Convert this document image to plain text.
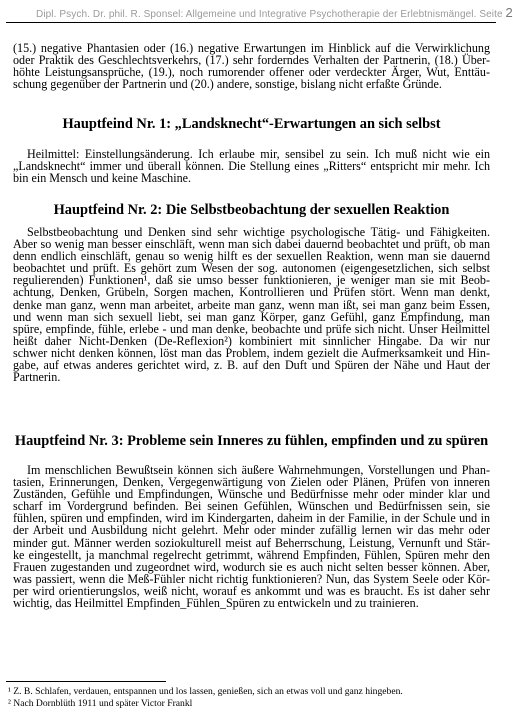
Dipl. Psych. Dr. phil. R. Sponsel: Allgemeine und Integrative Psychotherapie der Erlebtnismängel. Seite 2
(15.) negative Phantasien oder (16.) negative Erwartungen im Hinblick auf die Verwirklichung
oder Praktik des Geschlechtsverkehrs, (17.) sehr forderndes Verhalten der Partnerin, (18.) Über-
höhte Leistungsansprüche, (19.), noch rumorender offener oder verdeckter Ärger, Wut, Enttäu-
schung gegenüber der Partnerin und (20.) andere, sonstige, bislang nicht erfaßte Gründe.
Hauptfeind Nr. 1: „Landsknecht“-Erwartungen an sich selbst
Heilmittel: Einstellungsänderung. Ich erlaube mir, sensibel zu sein. Ich muß nicht wie ein
„Landsknecht“ immer und überall können. Die Stellung eines „Ritters“ entspricht mir mehr. Ich
bin ein Mensch und keine Maschine.
Hauptfeind Nr. 2: Die Selbstbeobachtung der sexuellen Reaktion
Selbstbeobachtung und Denken sind sehr wichtige psychologische Tätig- und Fähigkeiten.
Aber so wenig man besser einschläft, wenn man sich dabei dauernd beobachtet und prüft, ob man
denn endlich einschläft, genau so wenig hilft es der sexuellen Reaktion, wenn man sie dauernd
beobachtet und prüft. Es gehört zum Wesen der sog. autonomen (eigengesetzlichen, sich selbst
regulierenden) Funktionen¹, daß sie umso besser funktionieren, je weniger man sie mit Beob-
achtung, Denken, Grübeln, Sorgen machen, Kontrollieren und Prüfen stört. Wenn man denkt,
denke man ganz, wenn man arbeitet, arbeite man ganz, wenn man ißt, sei man ganz beim Essen,
und wenn man sich sexuell liebt, sei man ganz Körper, ganz Gefühl, ganz Empfindung, man
spüre, empfinde, fühle, erlebe - und man denke, beobachte und prüfe sich nicht. Unser Heilmittel
heißt daher Nicht-Denken (De-Reflexion²) kombiniert mit sinnlicher Hingabe. Da wir nur
schwer nicht denken können, löst man das Problem, indem gezielt die Aufmerksamkeit und Hin-
gabe, auf etwas anderes gerichtet wird, z. B. auf den Duft und Spüren der Nähe und Haut der
Partnerin.
Hauptfeind Nr. 3: Probleme sein Inneres zu fühlen, empfinden und zu spüren
Im menschlichen Bewußtsein können sich äußere Wahrnehmungen, Vorstellungen und Phan-
tasien, Erinnerungen, Denken, Vergegenwärtigung von Zielen oder Plänen, Prüfen von inneren
Zuständen, Gefühle und Empfindungen, Wünsche und Bedürfnisse mehr oder minder klar und
scharf im Vordergrund befinden. Bei seinen Gefühlen, Wünschen und Bedürfnissen sein, sie
fühlen, spüren und empfinden, wird im Kindergarten, daheim in der Familie, in der Schule und in
der Arbeit und Ausbildung nicht gelehrt. Mehr oder minder zufällig lernen wir das mehr oder
minder gut. Männer werden soziokulturell meist auf Beherrschung, Leistung, Vernunft und Stär-
ke eingestellt, ja manchmal regelrecht getrimmt, während Empfinden, Fühlen, Spüren mehr den
Frauen zugestanden und zugeordnet wird, wodurch sie es auch nicht selten besser können. Aber,
was passiert, wenn die Meß-Fühler nicht richtig funktionieren? Nun, das System Seele oder Kör-
per wird orientierungslos, weiß nicht, worauf es ankommt und was es braucht. Es ist daher sehr
wichtig, das Heilmittel Empfinden_Fühlen_Spüren zu entwickeln und zu trainieren.
¹ Z. B. Schlafen, verdauen, entspannen und los lassen, genießen, sich an etwas voll und ganz hingeben.
² Nach Dornblüth 1911 und später Victor Frankl
